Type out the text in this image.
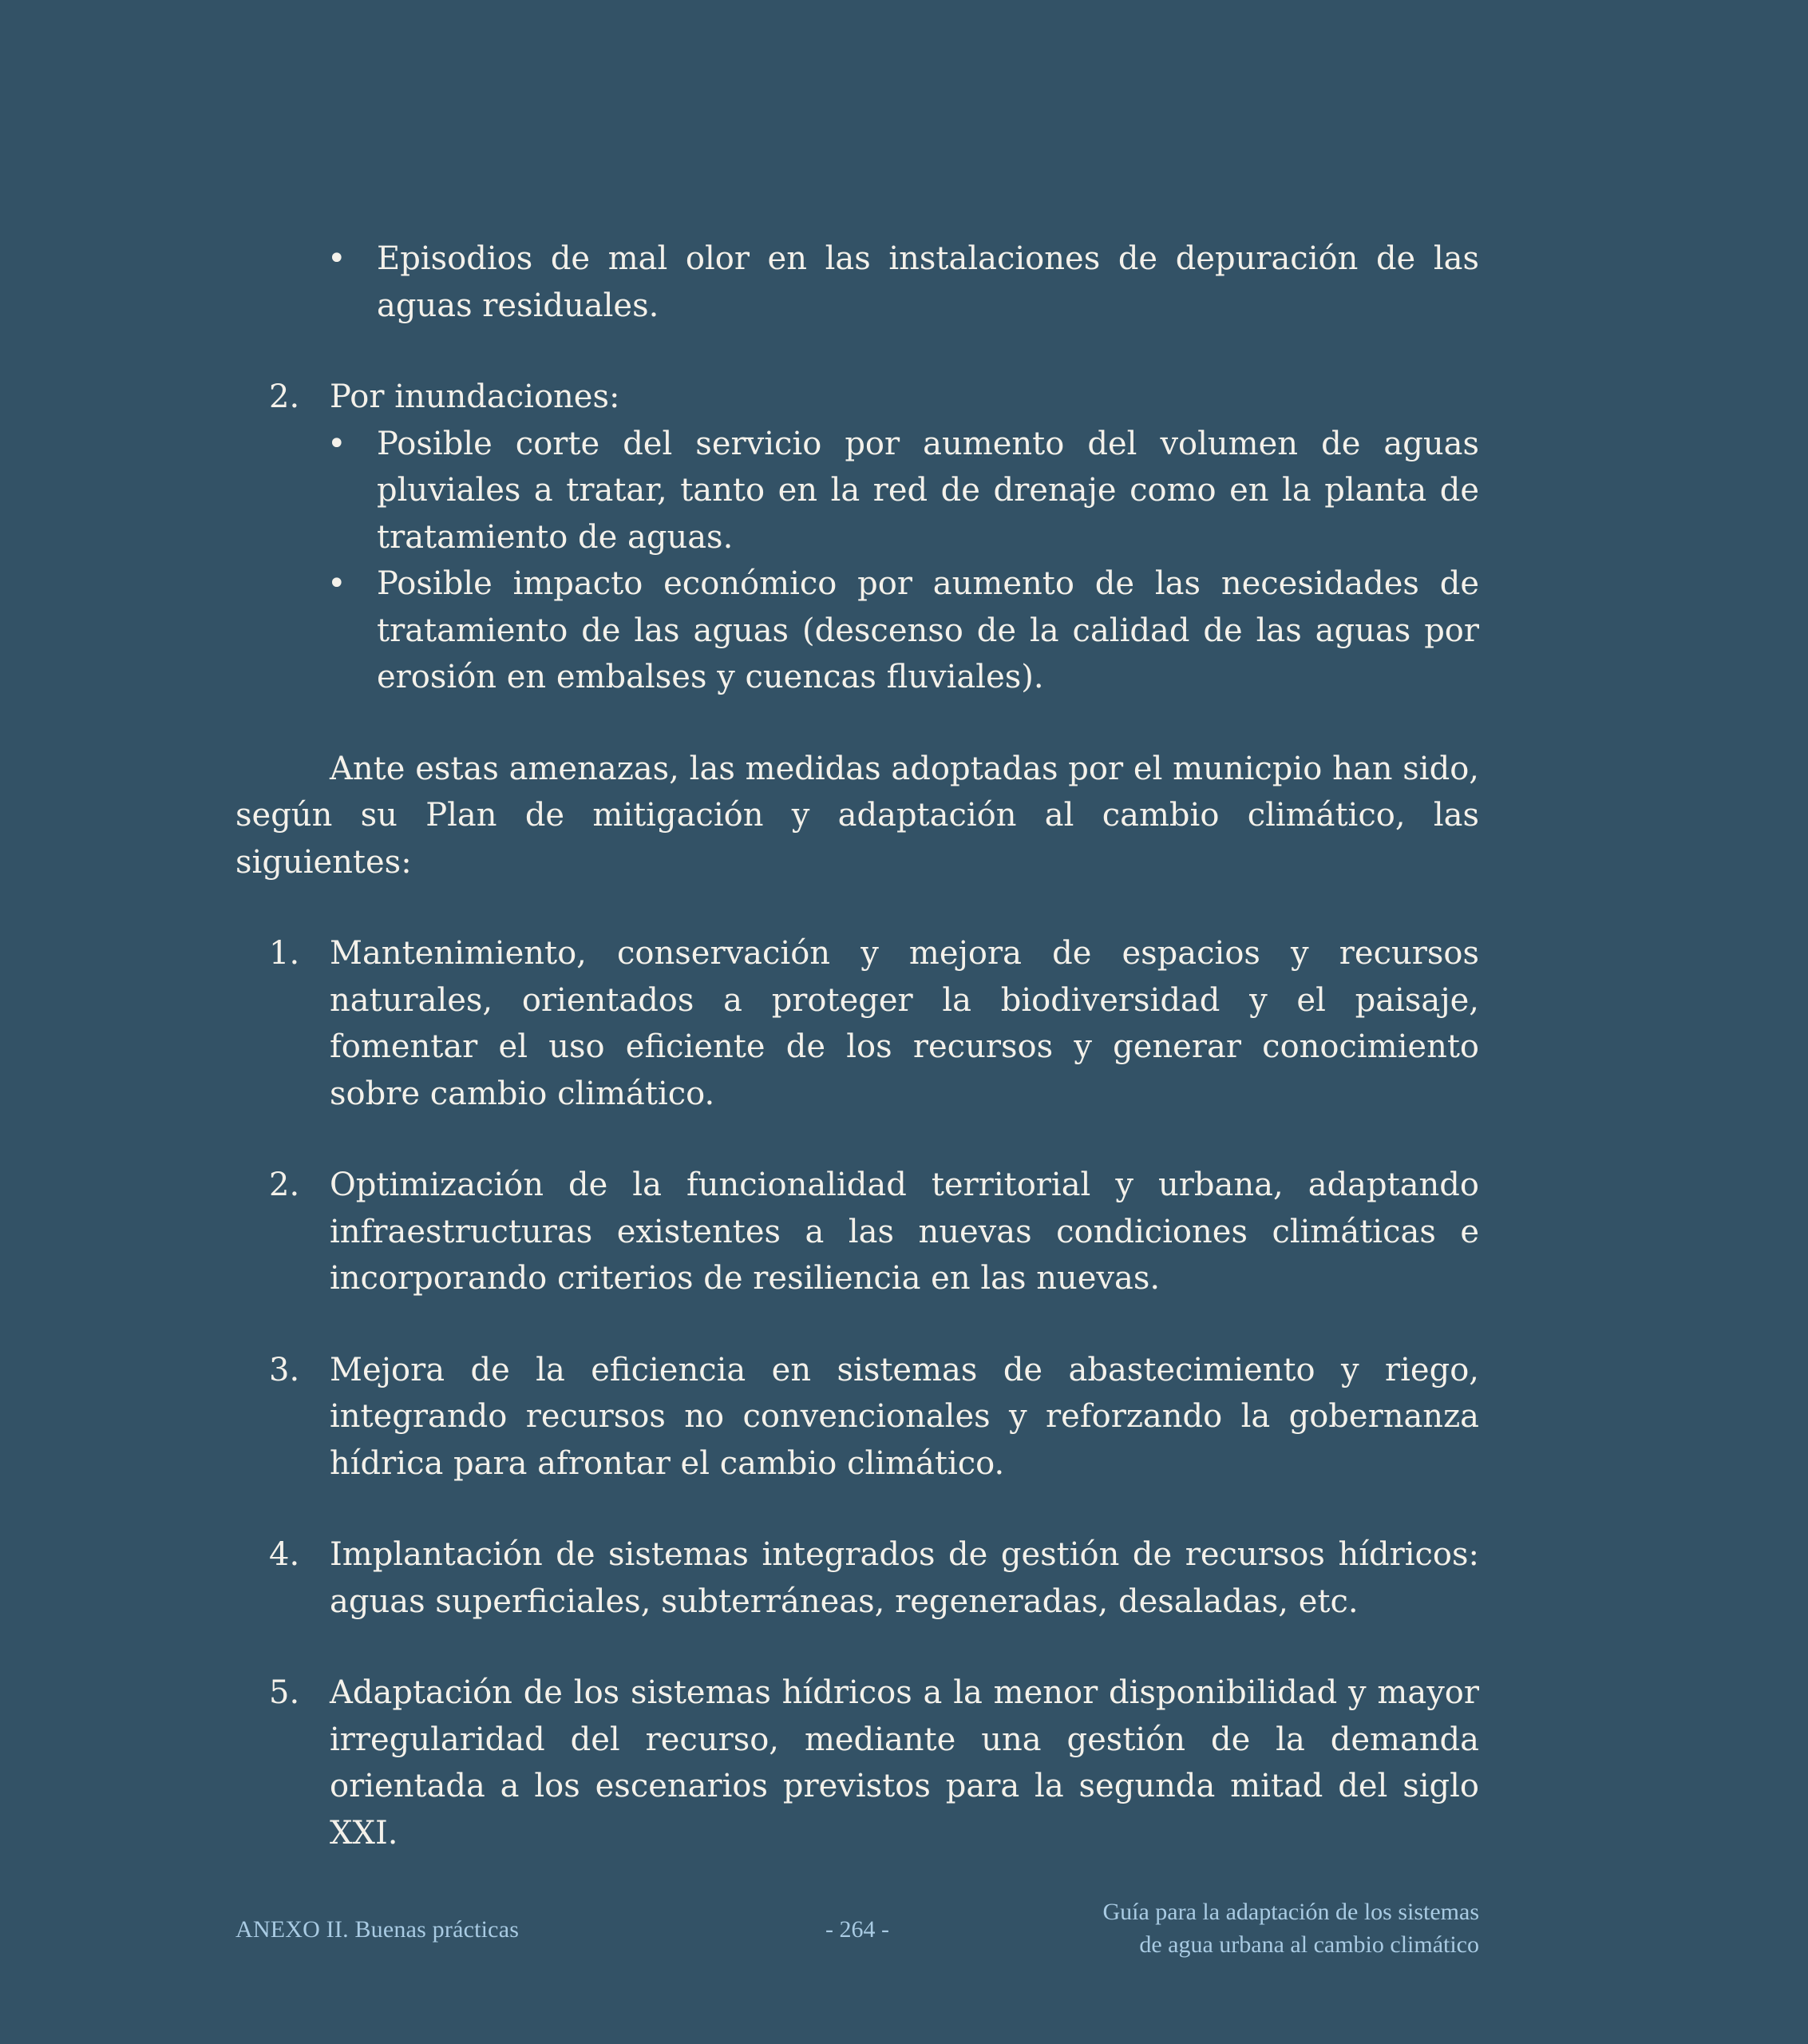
• Episodios de mal olor en las instalaciones de depuración de las aguas residuales.
2. Por inundaciones:
• Posible corte del servicio por aumento del volumen de aguas pluviales a tratar, tanto en la red de drenaje como en la planta de tratamiento de aguas.
• Posible impacto económico por aumento de las necesidades de tratamiento de las aguas (descenso de la calidad de las aguas por erosión en embalses y cuencas fluviales).

Ante estas amenazas, las medidas adoptadas por el municpio han sido, según su Plan de mitigación y adaptación al cambio climático, las siguientes:

1. Mantenimiento, conservación y mejora de espacios y recursos naturales, orientados a proteger la biodiversidad y el paisaje, fomentar el uso eficiente de los recursos y generar conocimiento sobre cambio climático.
2. Optimización de la funcionalidad territorial y urbana, adaptando infraestructuras existentes a las nuevas condiciones climáticas e incorporando criterios de resiliencia en las nuevas.
3. Mejora de la eficiencia en sistemas de abastecimiento y riego, integrando recursos no convencionales y reforzando la gobernanza hídrica para afrontar el cambio climático.
4. Implantación de sistemas integrados de gestión de recursos hídricos: aguas superficiales, subterráneas, regeneradas, desaladas, etc.
5. Adaptación de los sistemas hídricos a la menor disponibilidad y mayor irregularidad del recurso, mediante una gestión de la demanda orientada a los escenarios previstos para la segunda mitad del siglo XXI.
ANEXO II. Buenas prácticas	- 264 -
Guía para la adaptación de los sistemas
de agua urbana al cambio climático
